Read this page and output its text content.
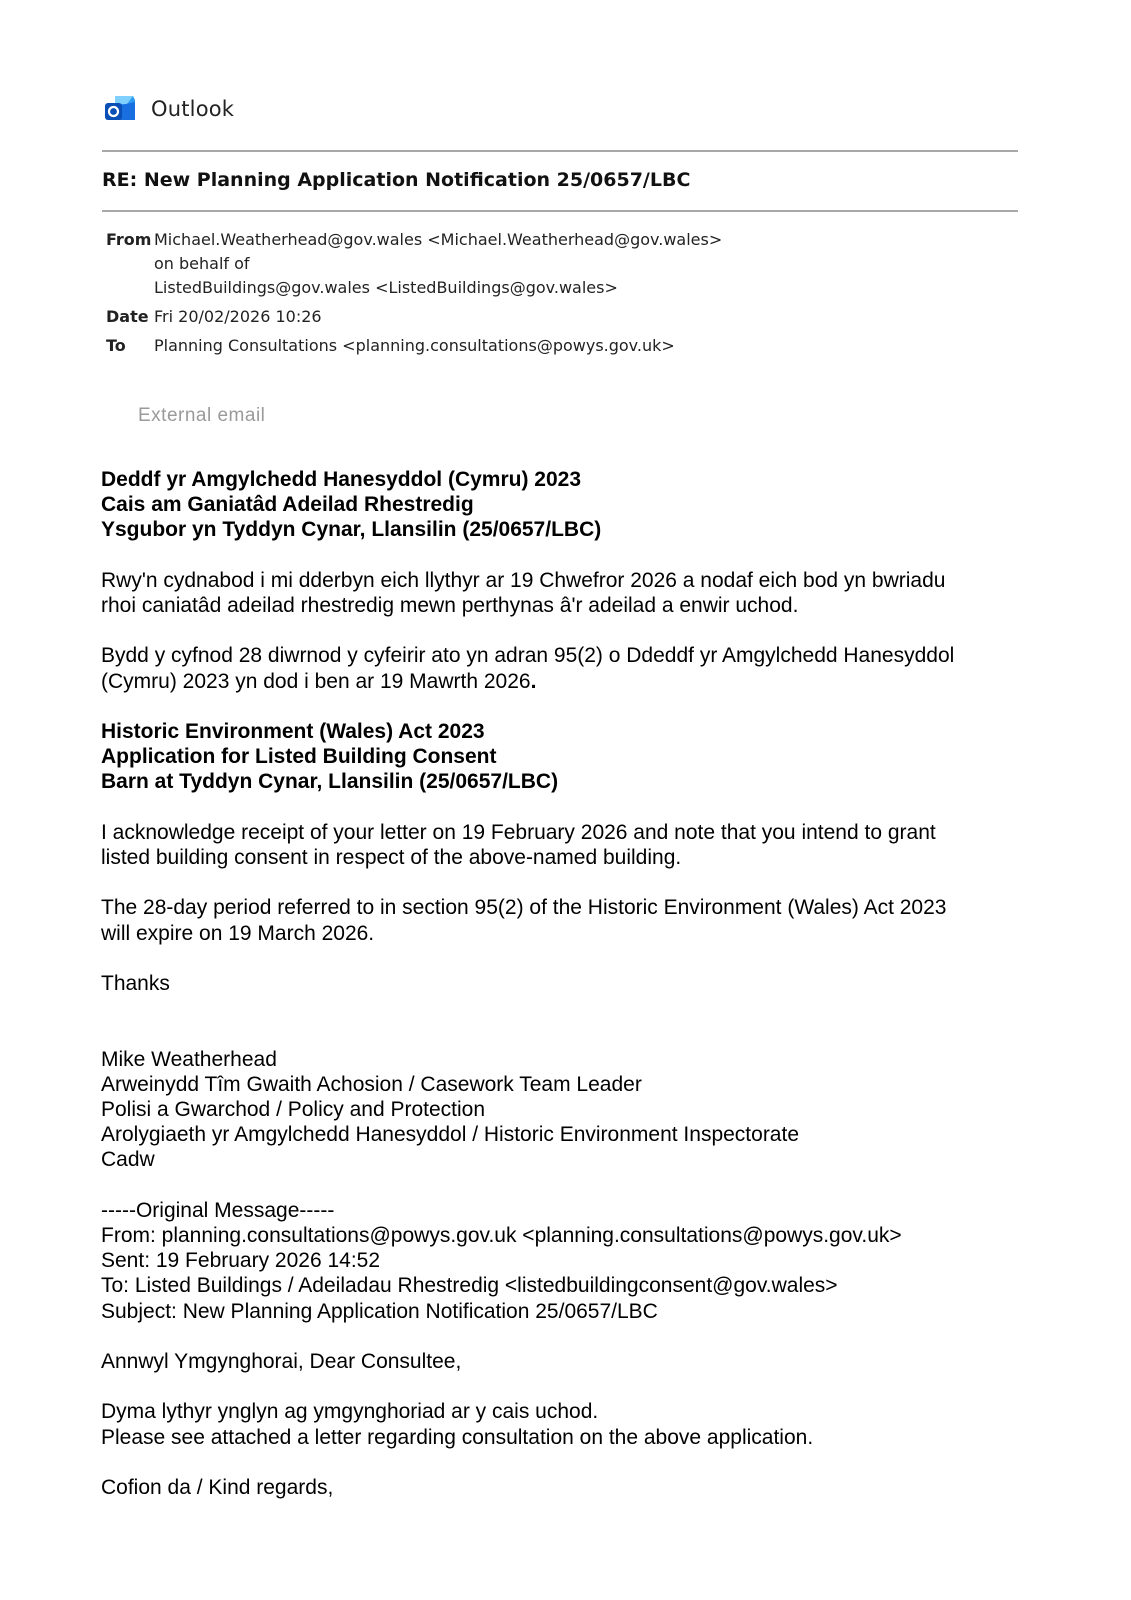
Outlook
RE: New Planning Application Notification 25/0657/LBC
From Michael.Weatherhead@gov.wales <Michael.Weatherhead@gov.wales>
on behalf of
ListedBuildings@gov.wales <ListedBuildings@gov.wales>
Date Fri 20/02/2026 10:26
To	Planning Consultations <planning.consultations@powys.gov.uk>
External email

Deddf yr Amgylchedd Hanesyddol (Cymru) 2023
Cais am Ganiatâd Adeilad Rhestredig
Ysgubor yn Tyddyn Cynar, Llansilin (25/0657/LBC)

Rwy'n cydnabod i mi dderbyn eich llythyr ar 19 Chwefror 2026 a nodaf eich bod yn bwriadu
rhoi caniatâd adeilad rhestredig mewn perthynas â'r adeilad a enwir uchod.

Bydd y cyfnod 28 diwrnod y cyfeirir ato yn adran 95(2) o Ddeddf yr Amgylchedd Hanesyddol
(Cymru) 2023 yn dod i ben ar 19 Mawrth 2026.

Historic Environment (Wales) Act 2023
Application for Listed Building Consent
Barn at Tyddyn Cynar, Llansilin (25/0657/LBC)

I acknowledge receipt of your letter on 19 February 2026 and note that you intend to grant
listed building consent in respect of the above-named building.

The 28-day period referred to in section 95(2) of the Historic Environment (Wales) Act 2023
will expire on 19 March 2026.

Thanks

Mike Weatherhead
Arweinydd Tîm Gwaith Achosion / Casework Team Leader
Polisi a Gwarchod / Policy and Protection
Arolygiaeth yr Amgylchedd Hanesyddol / Historic Environment Inspectorate
Cadw

-----Original Message-----
From: planning.consultations@powys.gov.uk <planning.consultations@powys.gov.uk>
Sent: 19 February 2026 14:52
To: Listed Buildings / Adeiladau Rhestredig <listedbuildingconsent@gov.wales>
Subject: New Planning Application Notification 25/0657/LBC

Annwyl Ymgynghorai, Dear Consultee,

Dyma lythyr ynglyn ag ymgynghoriad ar y cais uchod.
Please see attached a letter regarding consultation on the above application.

Cofion da / Kind regards,
